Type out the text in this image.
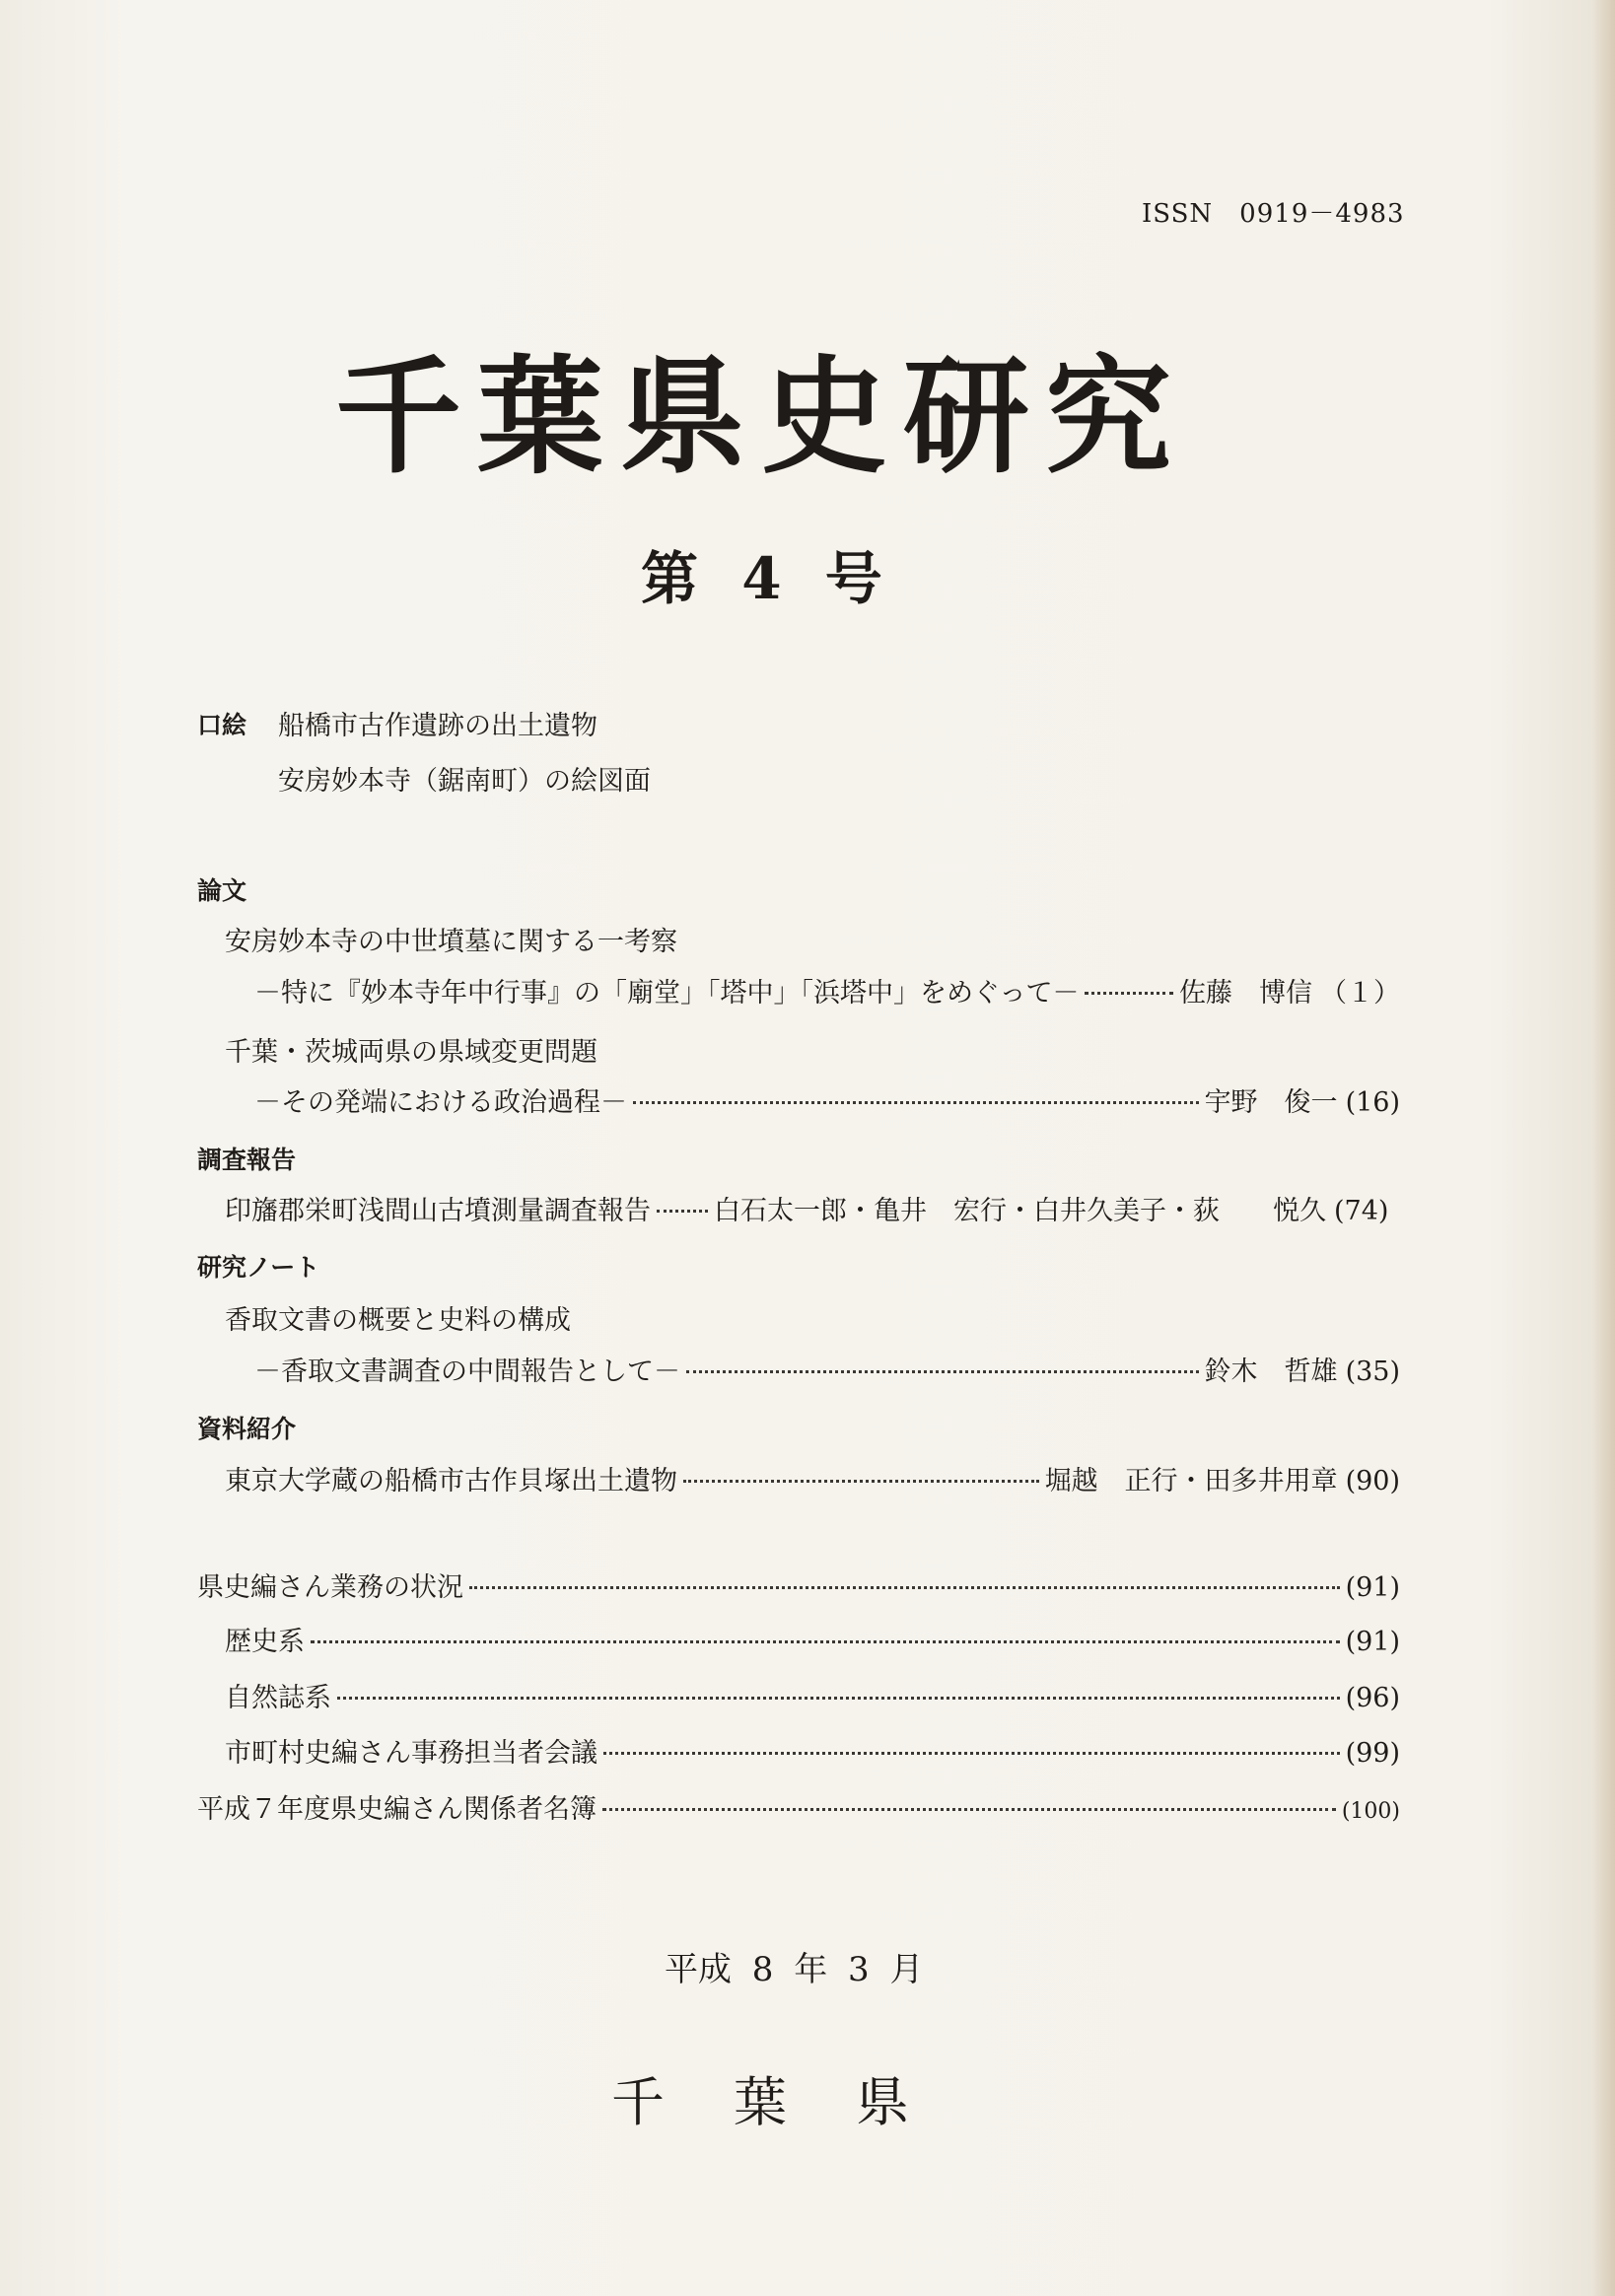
ISSN　0919－4983
千葉県史研究
第 4 号
口絵 船橋市古作遺跡の出土遺物
安房妙本寺（鋸南町）の絵図面
論文
安房妙本寺の中世墳墓に関する一考察
－特に『妙本寺年中行事』の「廟堂」「塔中」「浜塔中」をめぐって－	佐藤　博信 （１）
千葉・茨城両県の県域変更問題
－その発端における政治過程－	宇野　俊一 (16)
調査報告
印旛郡栄町浅間山古墳測量調査報告 白石太一郎・亀井　宏行・白井久美子・荻　　悦久 (74)
研究ノート
香取文書の概要と史料の構成
－香取文書調査の中間報告として－	鈴木　哲雄 (35)
資料紹介
東京大学蔵の船橋市古作貝塚出土遺物	堀越　正行・田多井用章 (90)
県史編さん業務の状況	(91)
歴史系	(91)
自然誌系	(96)
市町村史編さん事務担当者会議	(99)
平成７年度県史編さん関係者名簿	(100)
平成 8 年 3 月
千葉県
